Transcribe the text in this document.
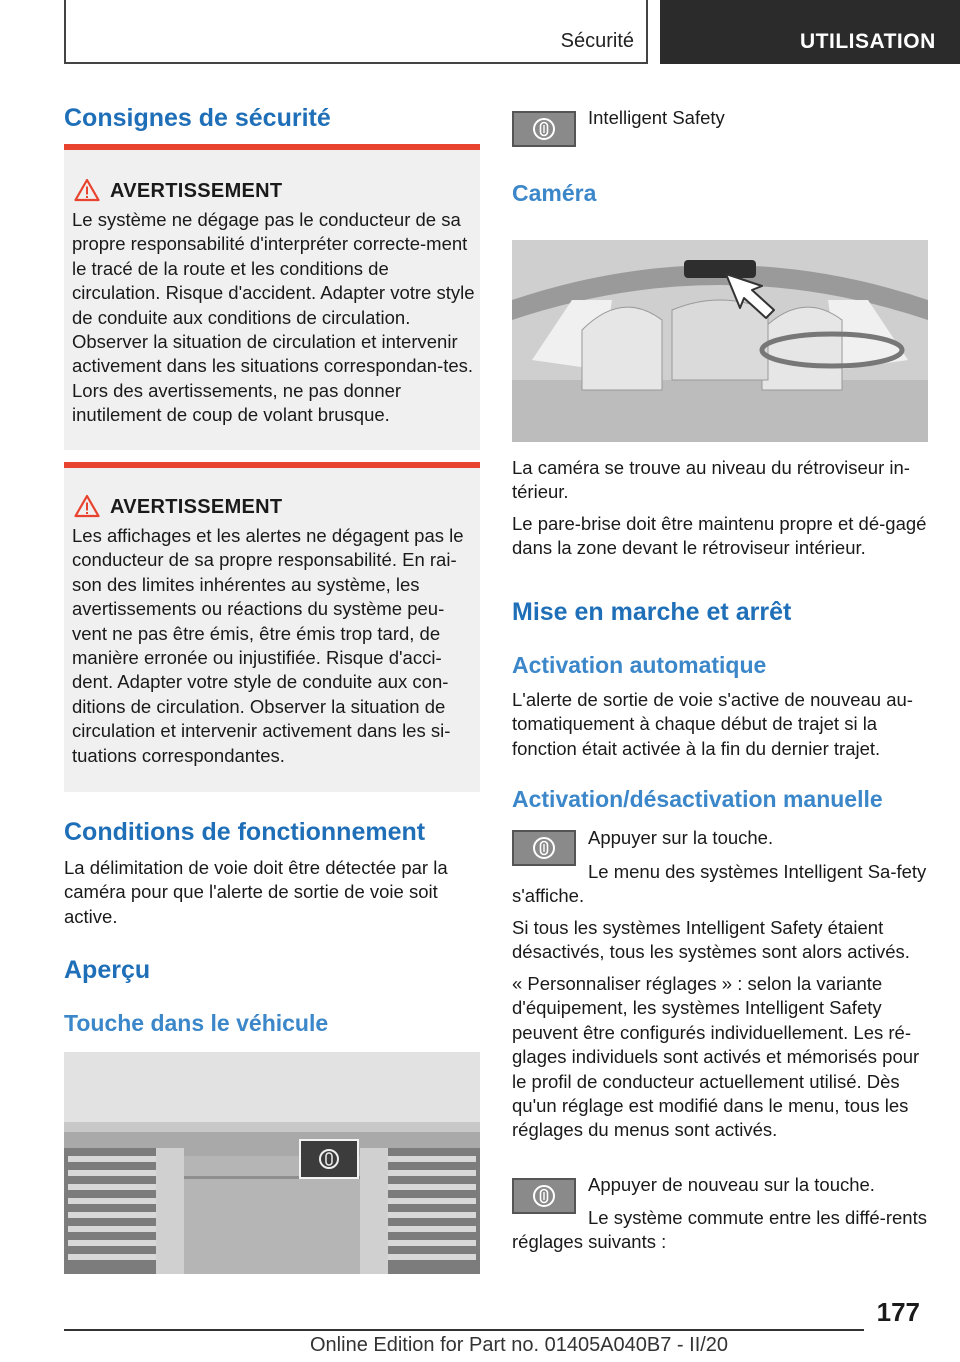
Sécurité	UTILISATION
Consignes de sécurité
AVERTISSEMENT
Le système ne dégage pas le conducteur de sa propre responsabilité d'interpréter correcte-ment le tracé de la route et les conditions de circulation. Risque d'accident. Adapter votre style de conduite aux conditions de circulation. Observer la situation de circulation et intervenir activement dans les situations correspondan-tes. Lors des avertissements, ne pas donner inutilement de coup de volant brusque.
AVERTISSEMENT
Les affichages et les alertes ne dégagent pas le conducteur de sa propre responsabilité. En rai-son des limites inhérentes au système, les avertissements ou réactions du système peu-vent ne pas être émis, être émis trop tard, de manière erronée ou injustifiée. Risque d'acci-dent. Adapter votre style de conduite aux con-ditions de circulation. Observer la situation de circulation et intervenir activement dans les si-tuations correspondantes.
Conditions de fonctionnement
La délimitation de voie doit être détectée par la caméra pour que l'alerte de sortie de voie soit active.
Aperçu
Touche dans le véhicule
Intelligent Safety
Caméra
La caméra se trouve au niveau du rétroviseur in-térieur.
Le pare-brise doit être maintenu propre et dé-gagé dans la zone devant le rétroviseur intérieur.
Mise en marche et arrêt
Activation automatique
L'alerte de sortie de voie s'active de nouveau au-tomatiquement à chaque début de trajet si la fonction était activée à la fin du dernier trajet.
Activation/désactivation manuelle
Appuyer sur la touche.
Le menu des systèmes Intelligent Sa-fety s'affiche.
Si tous les systèmes Intelligent Safety étaient désactivés, tous les systèmes sont alors activés.
« Personnaliser réglages » : selon la variante d'équipement, les systèmes Intelligent Safety peuvent être configurés individuellement. Les ré-glages individuels sont activés et mémorisés pour le profil de conducteur actuellement utilisé. Dès qu'un réglage est modifié dans le menu, tous les réglages du menus sont activés.
Appuyer de nouveau sur la touche.
Le système commute entre les diffé-rents réglages suivants :
177
Online Edition for Part no. 01405A040B7 - II/20
